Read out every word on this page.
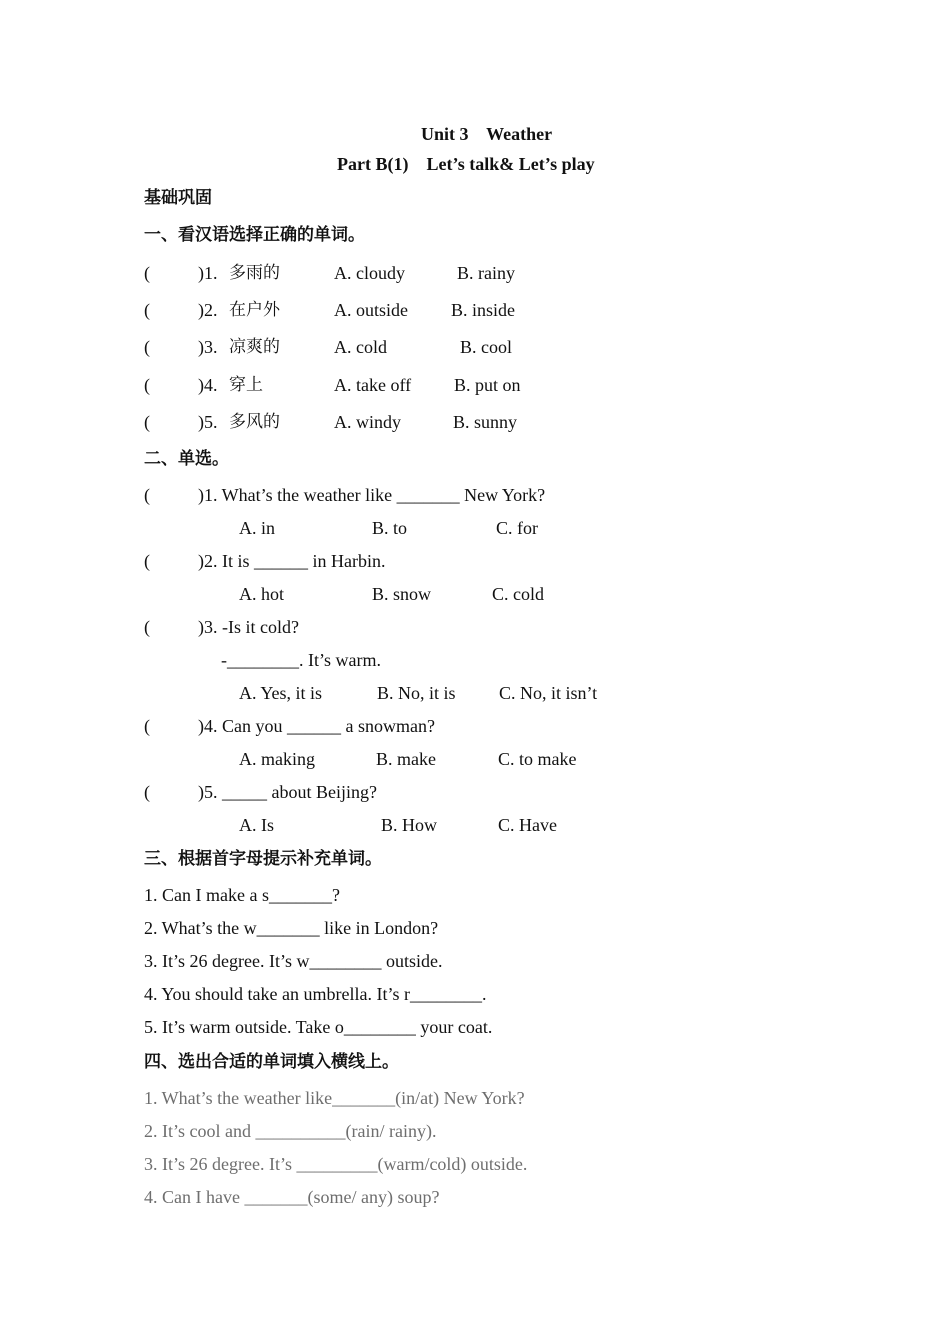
Unit 3    Weather
Part B(1)    Let’s talk& Let’s play
基础巩固
一、看汉语选择正确的单词。
(	)1. 多雨的	A. cloudy	B. rainy
(	)2. 在户外	A. outside B. inside
(	)3. 凉爽的	A. cold	B. cool
(	)4. 穿上	A. take off B. put on
(	)5. 多风的	A. windy	B. sunny
二、单选。
(	)1. What’s the weather like _______ New York?
A. in	B. to	C. for
(	)2. It is ______ in Harbin.
A. hot	B. snow	C. cold
(	)3. -Is it cold?
-________. It’s warm.
A. Yes, it is	B. No, it is C. No, it isn’t
(	)4. Can you ______ a snowman?
A. making	B. make	C. to make
(	)5. _____ about Beijing?
A. Is	B. How	C. Have
三、根据首字母提示补充单词。
1. Can I make a s_______?
2. What’s the w_______ like in London?
3. It’s 26 degree. It’s w________ outside.
4. You should take an umbrella. It’s r________.
5. It’s warm outside. Take o________ your coat.
四、选出合适的单词填入横线上。
1. What’s the weather like_______(in/at) New York?
2. It’s cool and __________(rain/ rainy).
3. It’s 26 degree. It’s _________(warm/cold) outside.
4. Can I have _______(some/ any) soup?
